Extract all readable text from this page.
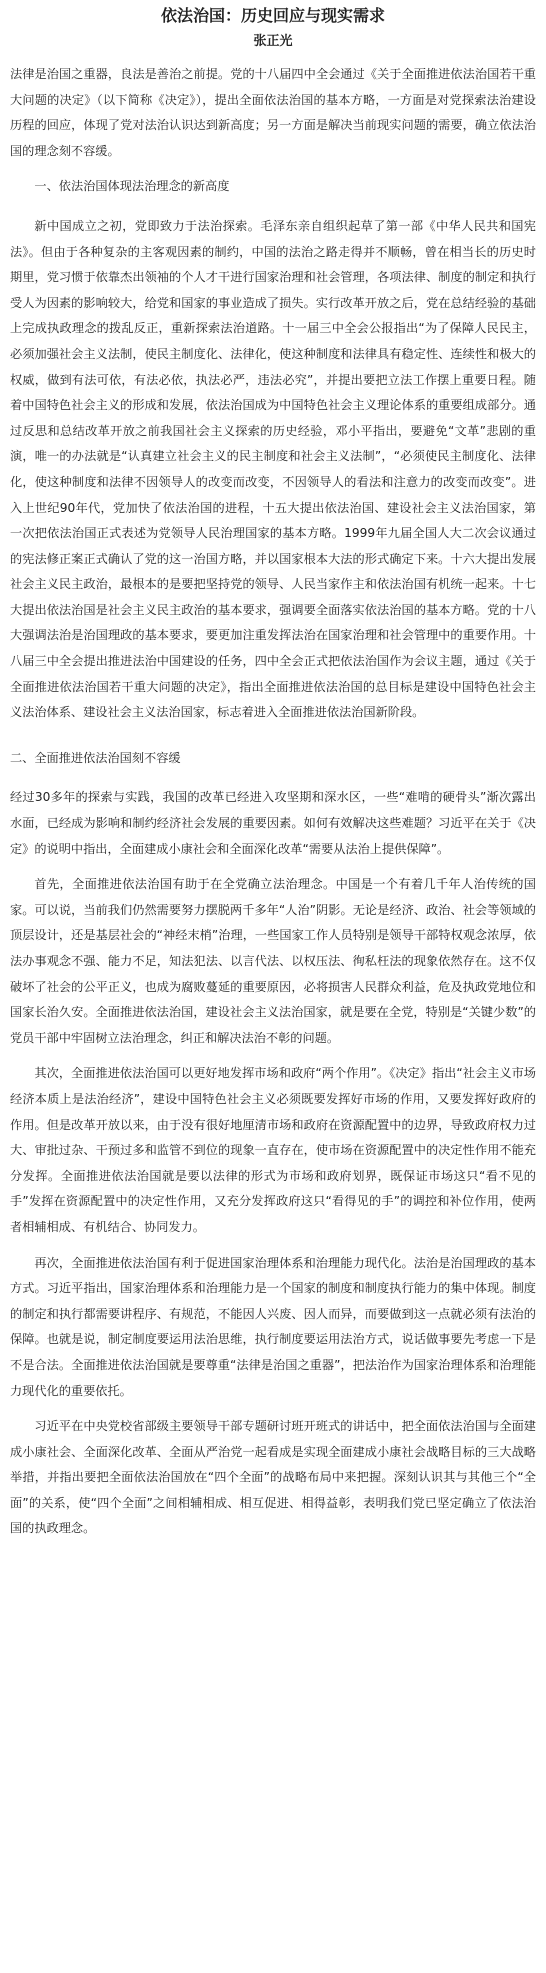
依法治国：历史回应与现实需求
张正光

法律是治国之重器，良法是善治之前提。党的十八届四中全会通过《关于全面推进依法治国若干重大问题的决定》（以下简称《决定》），提出全面依法治国的基本方略，一方面是对党探索法治建设历程的回应，体现了党对法治认识达到新高度；另一方面是解决当前现实问题的需要，确立依法治国的理念刻不容缓。

一、依法治国体现法治理念的新高度

新中国成立之初，党即致力于法治探索。毛泽东亲自组织起草了第一部《中华人民共和国宪法》。但由于各种复杂的主客观因素的制约，中国的法治之路走得并不顺畅，曾在相当长的历史时期里，党习惯于依靠杰出领袖的个人才干进行国家治理和社会管理，各项法律、制度的制定和执行受人为因素的影响较大，给党和国家的事业造成了损失。实行改革开放之后，党在总结经验的基础上完成执政理念的拨乱反正，重新探索法治道路。十一届三中全会公报指出“为了保障人民民主，必须加强社会主义法制，使民主制度化、法律化，使这种制度和法律具有稳定性、连续性和极大的权威，做到有法可依，有法必依，执法必严，违法必究”，并提出要把立法工作摆上重要日程。随着中国特色社会主义的形成和发展，依法治国成为中国特色社会主义理论体系的重要组成部分。通过反思和总结改革开放之前我国社会主义探索的历史经验，邓小平指出，要避免“文革”悲剧的重演，唯一的办法就是“认真建立社会主义的民主制度和社会主义法制”，“必须使民主制度化、法律化，使这种制度和法律不因领导人的改变而改变，不因领导人的看法和注意力的改变而改变”。进入上世纪90年代，党加快了依法治国的进程，十五大提出依法治国、建设社会主义法治国家，第一次把依法治国正式表述为党领导人民治理国家的基本方略。1999年九届全国人大二次会议通过的宪法修正案正式确认了党的这一治国方略，并以国家根本大法的形式确定下来。十六大提出发展社会主义民主政治，最根本的是要把坚持党的领导、人民当家作主和依法治国有机统一起来。十七大提出依法治国是社会主义民主政治的基本要求，强调要全面落实依法治国的基本方略。党的十八大强调法治是治国理政的基本要求，要更加注重发挥法治在国家治理和社会管理中的重要作用。十八届三中全会提出推进法治中国建设的任务，四中全会正式把依法治国作为会议主题，通过《关于全面推进依法治国若干重大问题的决定》，指出全面推进依法治国的总目标是建设中国特色社会主义法治体系、建设社会主义法治国家，标志着进入全面推进依法治国新阶段。

二、全面推进依法治国刻不容缓

经过30多年的探索与实践，我国的改革已经进入攻坚期和深水区，一些“难啃的硬骨头”渐次露出水面，已经成为影响和制约经济社会发展的重要因素。如何有效解决这些难题？习近平在关于《决定》的说明中指出，全面建成小康社会和全面深化改革“需要从法治上提供保障”。

首先，全面推进依法治国有助于在全党确立法治理念。中国是一个有着几千年人治传统的国家。可以说，当前我们仍然需要努力摆脱两千多年“人治”阴影。无论是经济、政治、社会等领域的顶层设计，还是基层社会的“神经末梢”治理，一些国家工作人员特别是领导干部特权观念浓厚，依法办事观念不强、能力不足，知法犯法、以言代法、以权压法、徇私枉法的现象依然存在。这不仅破坏了社会的公平正义，也成为腐败蔓延的重要原因，必将损害人民群众利益，危及执政党地位和国家长治久安。全面推进依法治国，建设社会主义法治国家，就是要在全党，特别是“关键少数”的党员干部中牢固树立法治理念，纠正和解决法治不彰的问题。

其次，全面推进依法治国可以更好地发挥市场和政府“两个作用”。《决定》指出“社会主义市场经济本质上是法治经济”，建设中国特色社会主义必须既要发挥好市场的作用，又要发挥好政府的作用。但是改革开放以来，由于没有很好地厘清市场和政府在资源配置中的边界，导致政府权力过大、审批过杂、干预过多和监管不到位的现象一直存在，使市场在资源配置中的决定性作用不能充分发挥。全面推进依法治国就是要以法律的形式为市场和政府划界，既保证市场这只“看不见的手”发挥在资源配置中的决定性作用，又充分发挥政府这只“看得见的手”的调控和补位作用，使两者相辅相成、有机结合、协同发力。

再次，全面推进依法治国有利于促进国家治理体系和治理能力现代化。法治是治国理政的基本方式。习近平指出，国家治理体系和治理能力是一个国家的制度和制度执行能力的集中体现。制度的制定和执行都需要讲程序、有规范，不能因人兴废、因人而异，而要做到这一点就必须有法治的保障。也就是说，制定制度要运用法治思维，执行制度要运用法治方式，说话做事要先考虑一下是不是合法。全面推进依法治国就是要尊重“法律是治国之重器”，把法治作为国家治理体系和治理能力现代化的重要依托。

习近平在中央党校省部级主要领导干部专题研讨班开班式的讲话中，把全面依法治国与全面建成小康社会、全面深化改革、全面从严治党一起看成是实现全面建成小康社会战略目标的三大战略举措，并指出要把全面依法治国放在“四个全面”的战略布局中来把握。深刻认识其与其他三个“全面”的关系，使“四个全面”之间相辅相成、相互促进、相得益彰，表明我们党已坚定确立了依法治国的执政理念。
